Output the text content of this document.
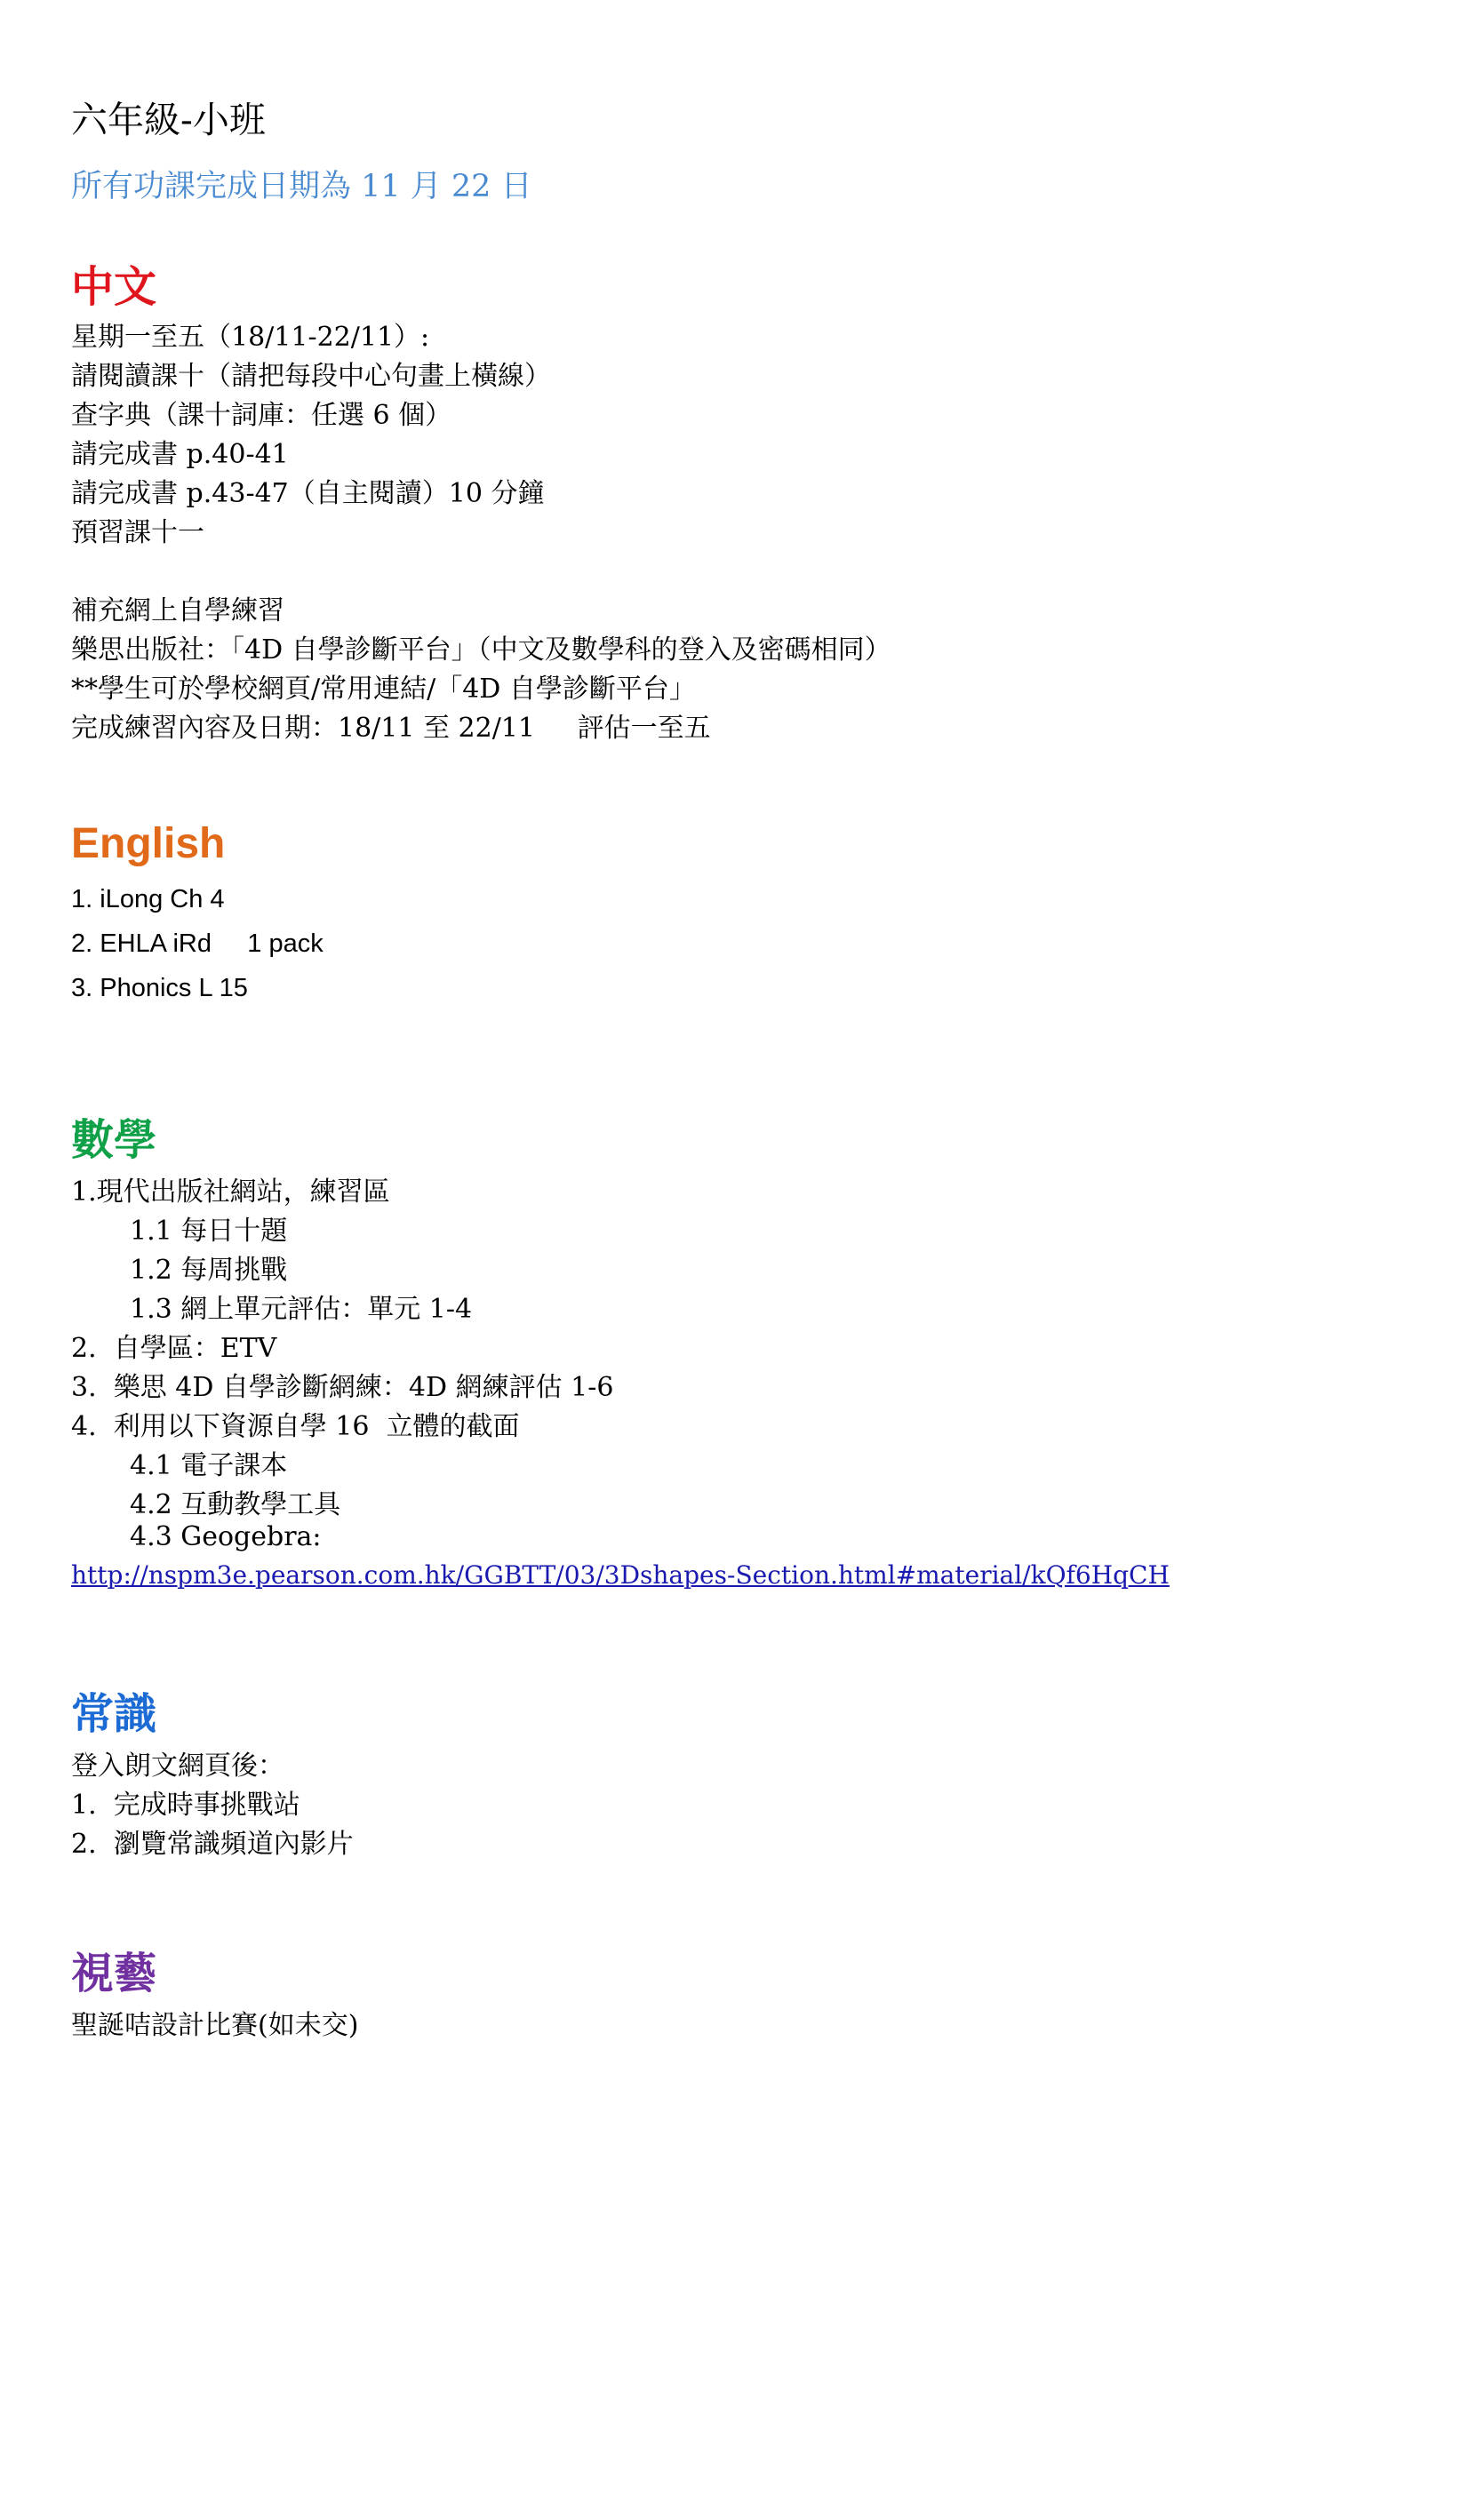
六年級-小班
所有功課完成日期為 11 月 22 日
中文
星期一至五（18/11-22/11）:
請閱讀課十（請把每段中心句畫上橫線）
查字典（課十詞庫：任選 6 個）
請完成書 p.40-41
請完成書 p.43-47（自主閱讀）10 分鐘
預習課十一
補充網上自學練習
樂思出版社：「4D 自學診斷平台」（中文及數學科的登入及密碼相同）
**學生可於學校網頁/常用連結/「4D 自學診斷平台」
完成練習內容及日期：18/11 至 22/11     評估一至五
English
1. iLong Ch 4
2. EHLA iRd     1 pack
3. Phonics L 15
數學
1.現代出版社網站，練習區
1.1 每日十題
1.2 每周挑戰
1.3 網上單元評估：單元 1-4
2.  自學區：ETV
3.  樂思 4D 自學診斷網練：4D 網練評估 1-6
4.  利用以下資源自學 16  立體的截面
4.1 電子課本
4.2 互動教學工具
4.3 Geogebra:
http://nspm3e.pearson.com.hk/GGBTT/03/3Dshapes-Section.html#material/kQf6HqCH
常識
登入朗文網頁後：
1.  完成時事挑戰站
2.  瀏覽常識頻道內影片
視藝
聖誕咭設計比賽(如未交)
